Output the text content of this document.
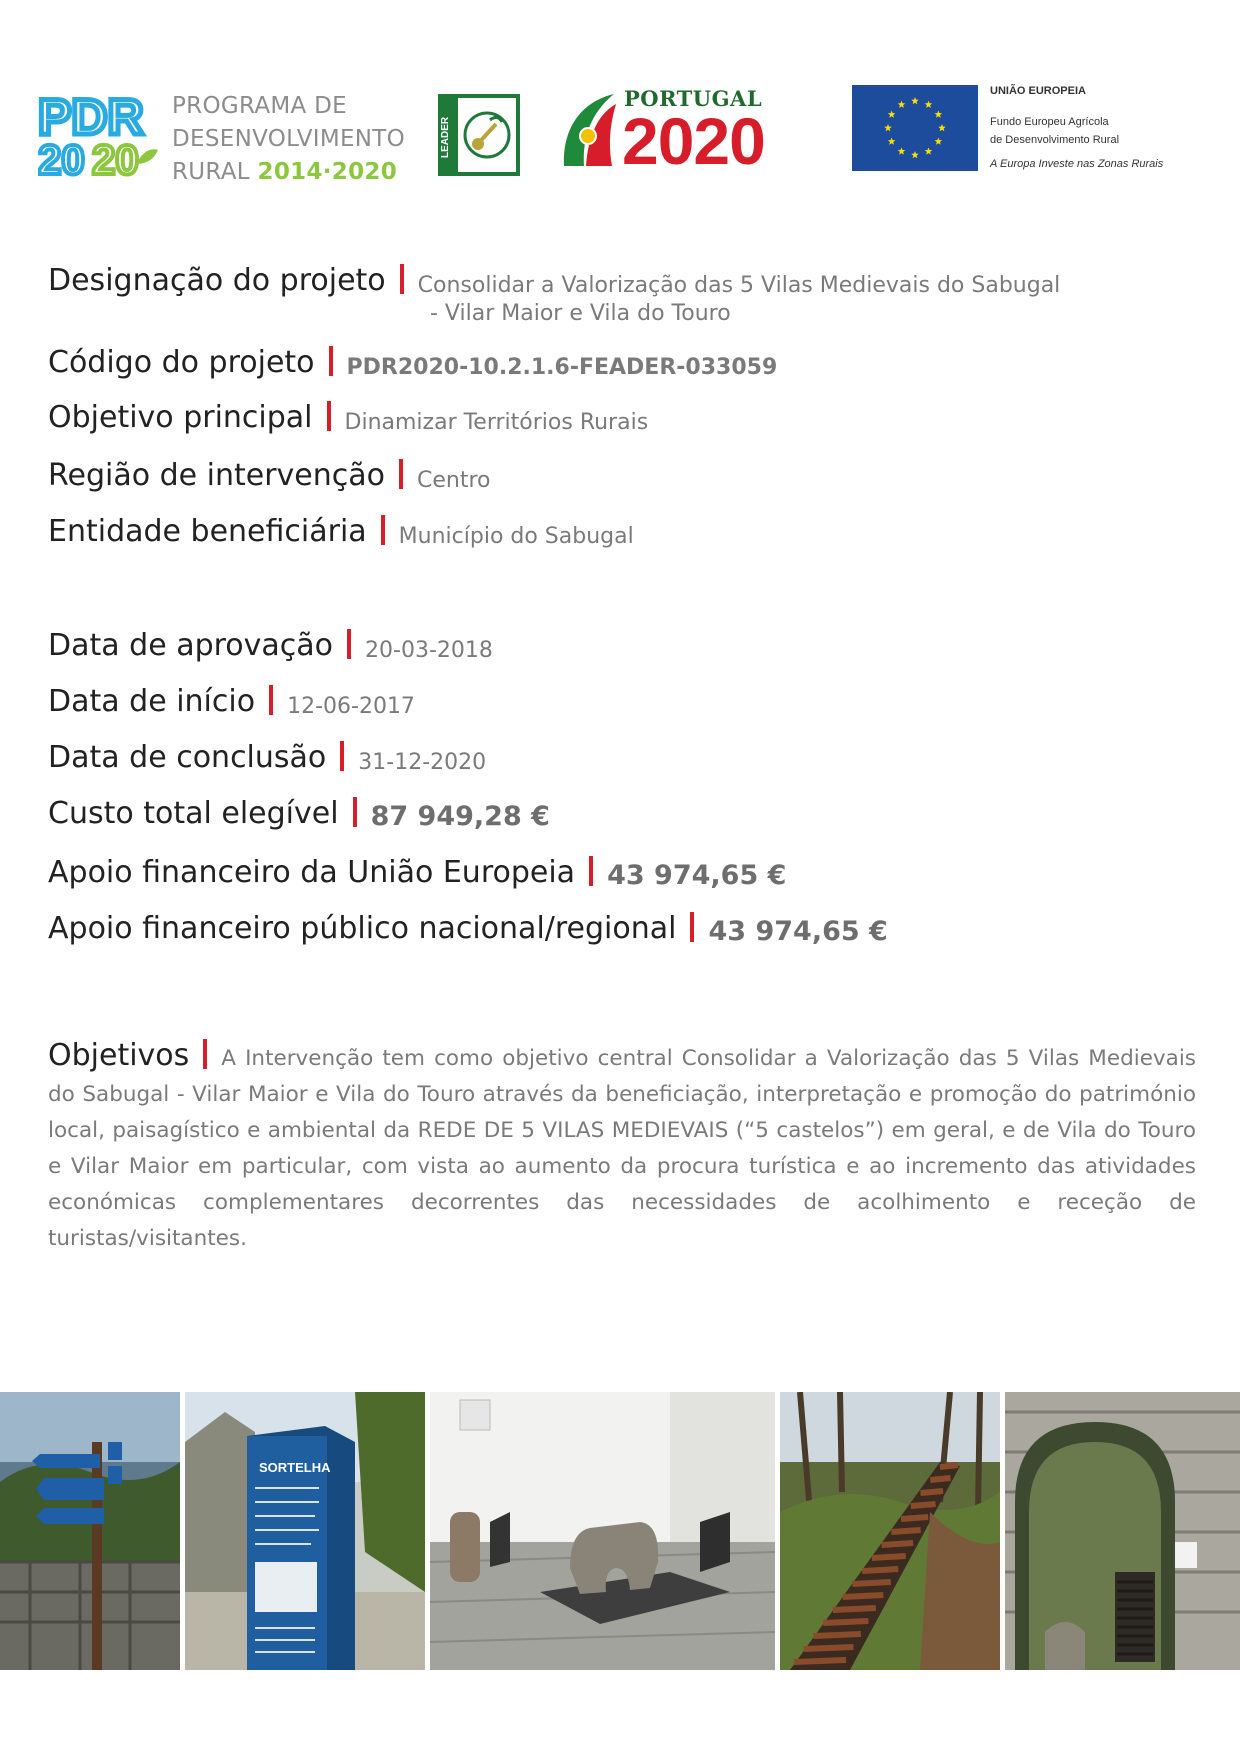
PDR
20 20
PROGRAMA DE
DESENVOLVIMENTO
RURAL 2014·2020
LEADER
PORTUGAL
2020
UNIÃO EUROPEIA
Fundo Europeu Agrícola
de Desenvolvimento Rural
A Europa Investe nas Zonas Rurais
Designação do projeto Consolidar a Valorização das 5 Vilas Medievais do Sabugal
- Vilar Maior e Vila do Touro
Código do projeto PDR2020-10.2.1.6-FEADER-033059
Objetivo principal Dinamizar Territórios Rurais
Região de intervenção Centro
Entidade beneficiária Município do Sabugal
Data de aprovação 20-03-2018
Data de início 12-06-2017
Data de conclusão 31-12-2020
Custo total elegível 87 949,28 €
Apoio financeiro da União Europeia 43 974,65 €
Apoio financeiro público nacional/regional 43 974,65 €
Objetivos A Intervenção tem como objetivo central Consolidar a Valorização das 5 Vilas Medievais do Sabugal - Vilar Maior e Vila do Touro através da beneficiação, interpretação e promoção do património local, paisagístico e ambiental da REDE DE 5 VILAS MEDIEVAIS (“5 castelos”) em geral, e de Vila do Touro e Vilar Maior em particular, com vista ao aumento da procura turística e ao incremento das atividades económicas complementares decorrentes das necessidades de acolhimento e receção de turistas/visitantes.
SORTELHA
